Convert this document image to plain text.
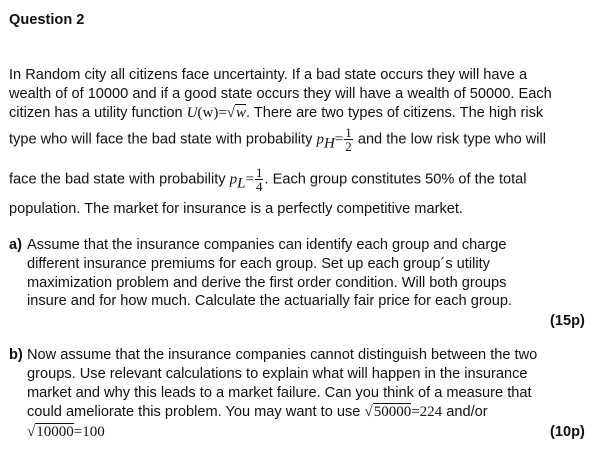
Question 2
In Random city all citizens face uncertainty. If a bad state occurs they will have a
wealth of of 10000 and if a good state occurs they will have a wealth of 50000. Each
citizen has a utility function U(w)=√w. There are two types of citizens. The high risk
type who will face the bad state with probability $p_H= \frac{1}{2}$ and the low risk type who will
face the bad state with probability $p_L= \frac{1}{4}$ . Each group constitutes 50% of the total
population. The market for insurance is a perfectly competitive market.
a) Assume that the insurance companies can identify each group and charge
different insurance premiums for each group. Set up each group´s utility
maximization problem and derive the first order condition. Will both groups
insure and for how much. Calculate the actuarially fair price for each group.
(15p)
b) Now assume that the insurance companies cannot distinguish between the two
groups. Use relevant calculations to explain what will happen in the insurance
market and why this leads to a market failure. Can you think of a measure that
could ameliorate this problem. You may want to use √50000=224 and/or
√10000=100	(10p)
